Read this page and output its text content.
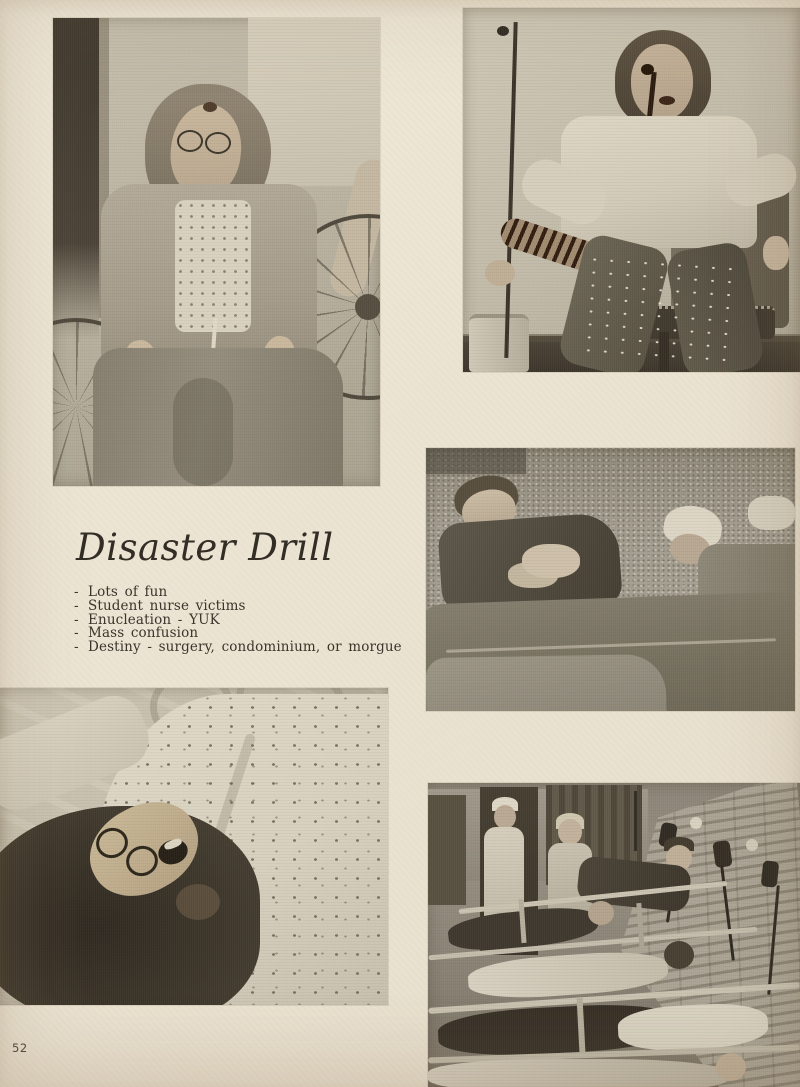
Disaster Drill
- Lots of fun
- Student nurse victims
- Enucleation - YUK
- Mass confusion
- Destiny - surgery, condominium, or morgue
52
